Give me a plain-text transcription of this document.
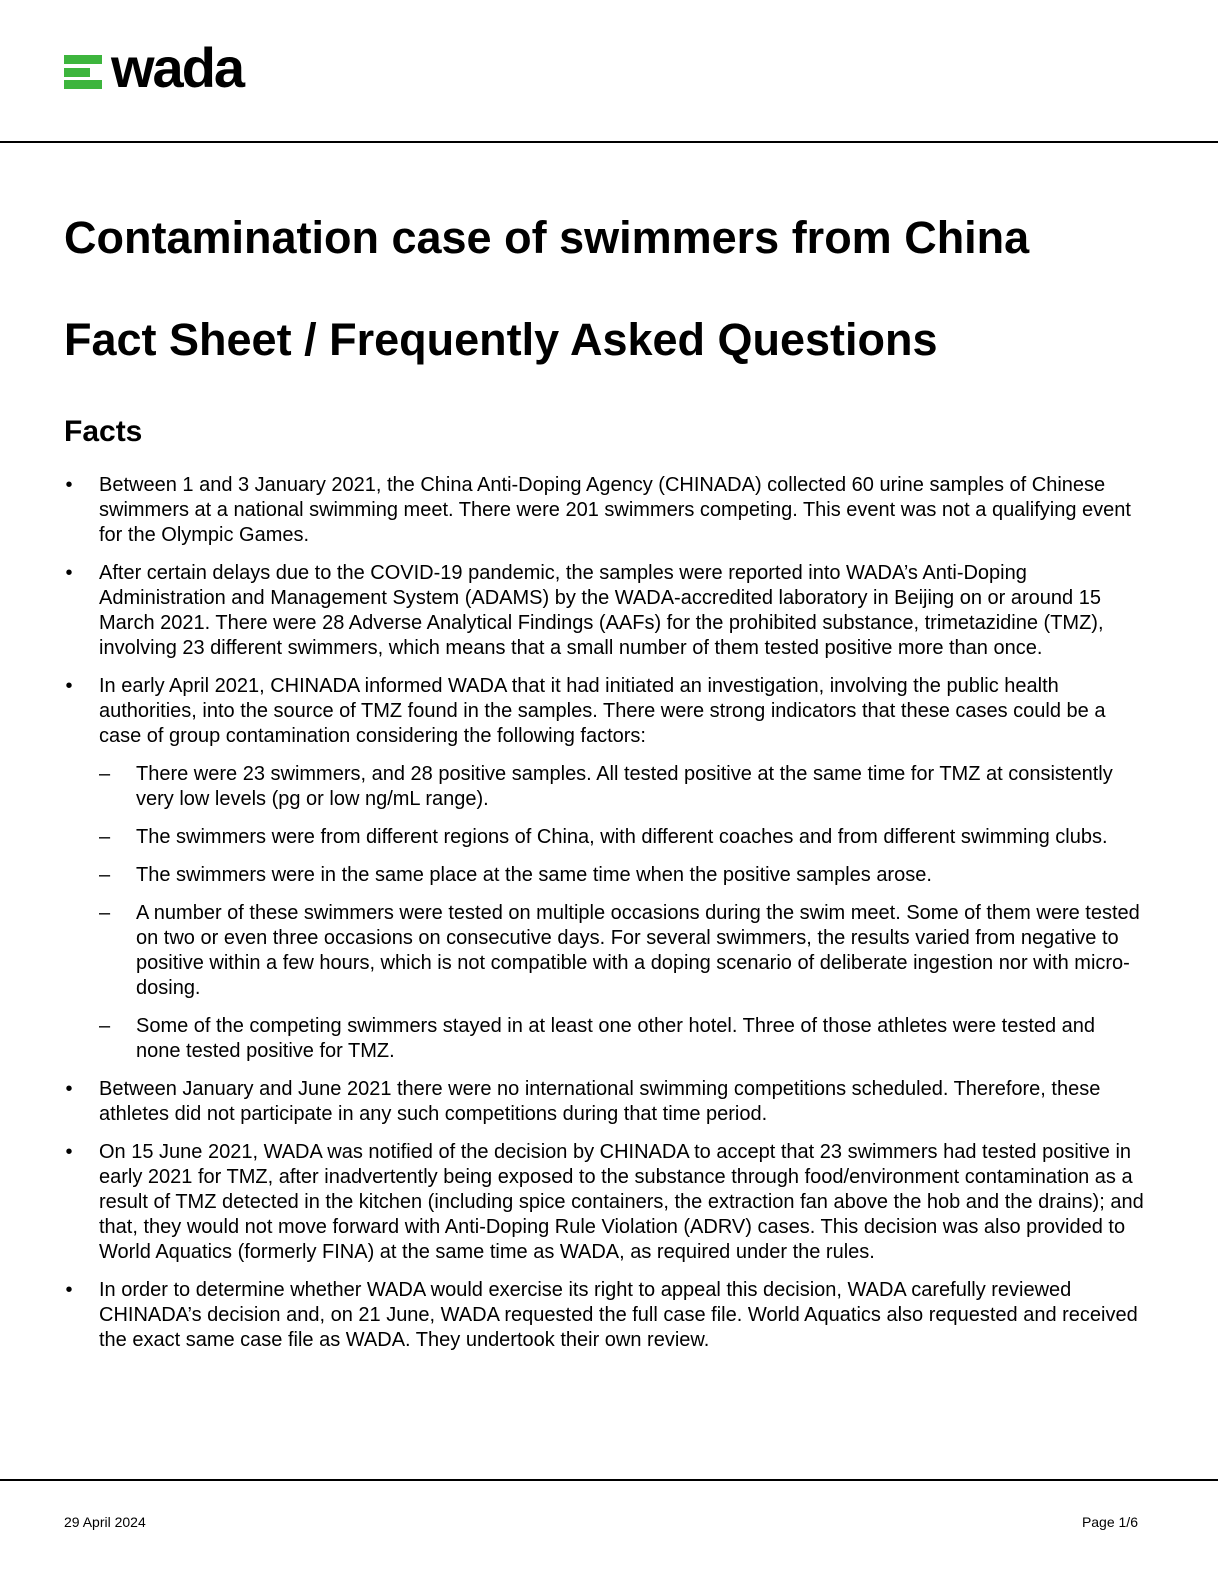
wada
Contamination case of swimmers from China
Fact Sheet / Frequently Asked Questions
Facts
• Between 1 and 3 January 2021, the China Anti-Doping Agency (CHINADA) collected 60 urine samples of Chinese swimmers at a national swimming meet. There were 201 swimmers competing. This event was not a qualifying event for the Olympic Games.
• After certain delays due to the COVID-19 pandemic, the samples were reported into WADA’s Anti-Doping Administration and Management System (ADAMS) by the WADA-accredited laboratory in Beijing on or around 15 March 2021. There were 28 Adverse Analytical Findings (AAFs) for the prohibited substance, trimetazidine (TMZ), involving 23 different swimmers, which means that a small number of them tested positive more than once.
• In early April 2021, CHINADA informed WADA that it had initiated an investigation, involving the public health authorities, into the source of TMZ found in the samples. There were strong indicators that these cases could be a case of group contamination considering the following factors:
– There were 23 swimmers, and 28 positive samples. All tested positive at the same time for TMZ at consistently very low levels (pg or low ng/mL range).
– The swimmers were from different regions of China, with different coaches and from different swimming clubs.
– The swimmers were in the same place at the same time when the positive samples arose.
– A number of these swimmers were tested on multiple occasions during the swim meet. Some of them were tested on two or even three occasions on consecutive days. For several swimmers, the results varied from negative to positive within a few hours, which is not compatible with a doping scenario of deliberate ingestion nor with micro-dosing.
– Some of the competing swimmers stayed in at least one other hotel. Three of those athletes were tested and none tested positive for TMZ.
• Between January and June 2021 there were no international swimming competitions scheduled. Therefore, these athletes did not participate in any such competitions during that time period.
• On 15 June 2021, WADA was notified of the decision by CHINADA to accept that 23 swimmers had tested positive in early 2021 for TMZ, after inadvertently being exposed to the substance through food/environment contamination as a result of TMZ detected in the kitchen (including spice containers, the extraction fan above the hob and the drains); and that, they would not move forward with Anti-Doping Rule Violation (ADRV) cases. This decision was also provided to World Aquatics (formerly FINA) at the same time as WADA, as required under the rules.
• In order to determine whether WADA would exercise its right to appeal this decision, WADA carefully reviewed CHINADA’s decision and, on 21 June, WADA requested the full case file. World Aquatics also requested and received the exact same case file as WADA. They undertook their own review.
29 April 2024	Page 1/6
